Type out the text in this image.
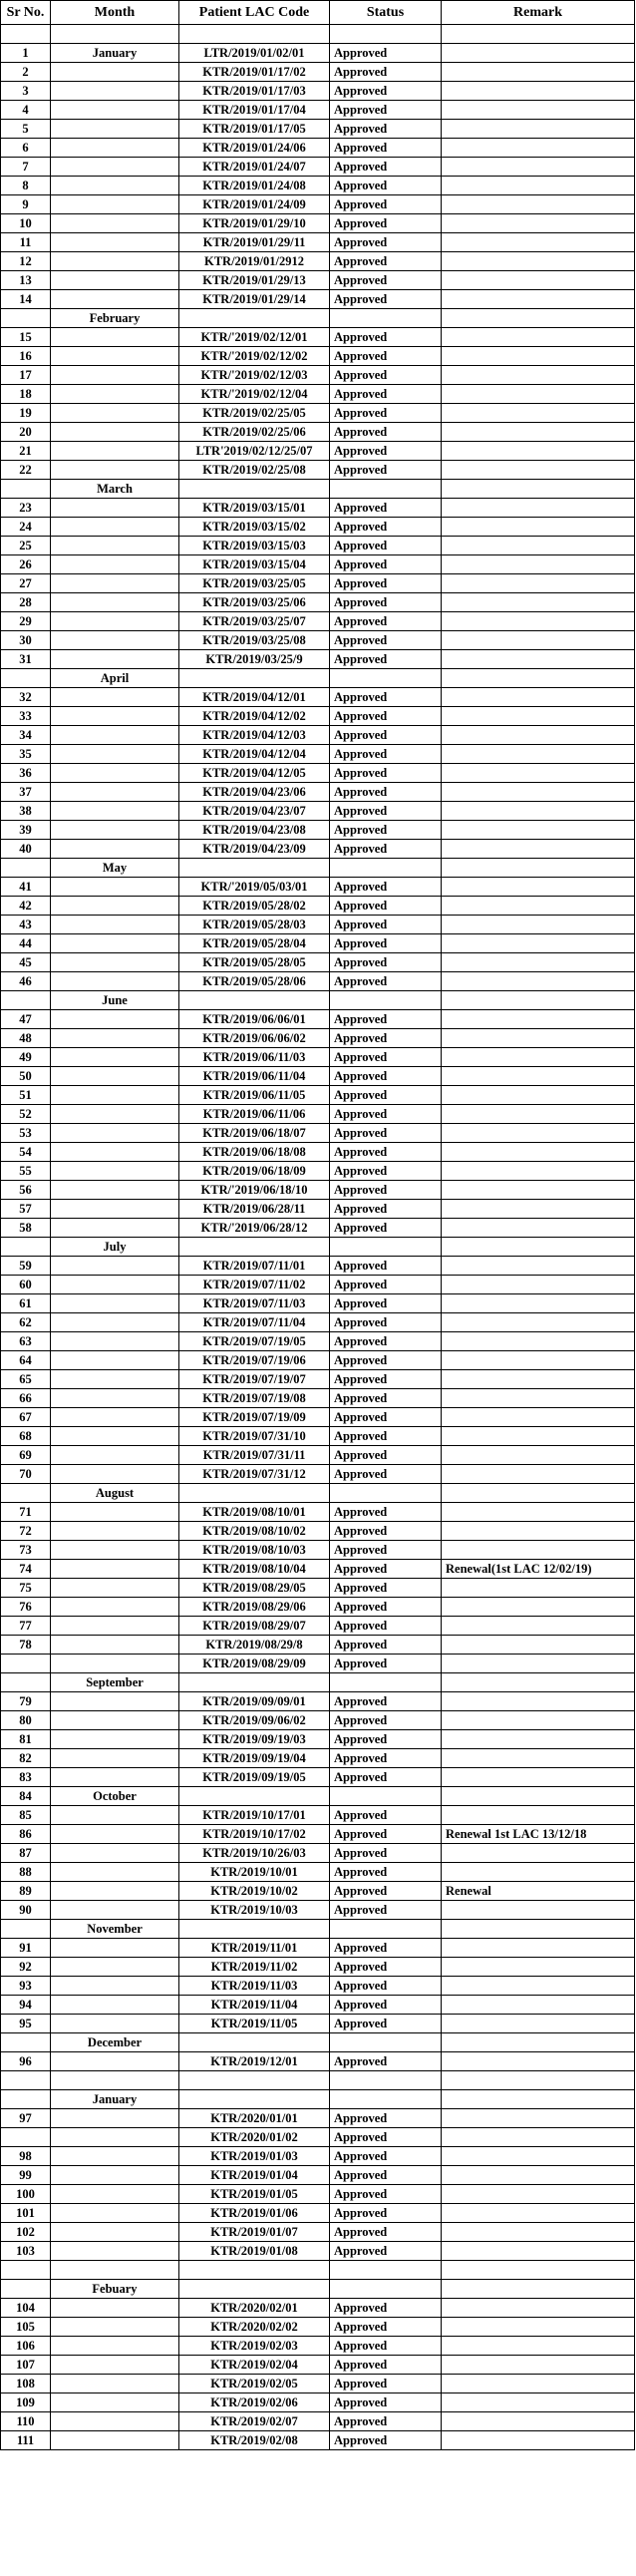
Sr No.	Month	Patient LAC Code	Status	Remark

1	January	LTR/2019/01/02/01	Approved	
2		KTR/2019/01/17/02	Approved	
3		KTR/2019/01/17/03	Approved	
4		KTR/2019/01/17/04	Approved	
5		KTR/2019/01/17/05	Approved	
6		KTR/2019/01/24/06	Approved	
7		KTR/2019/01/24/07	Approved	
8		KTR/2019/01/24/08	Approved	
9		KTR/2019/01/24/09	Approved	
10		KTR/2019/01/29/10	Approved	
11		KTR/2019/01/29/11	Approved	
12		KTR/2019/01/2912	Approved	
13		KTR/2019/01/29/13	Approved	
14		KTR/2019/01/29/14	Approved	
	February			
15		KTR/'2019/02/12/01	Approved	
16		KTR/'2019/02/12/02	Approved	
17		KTR/'2019/02/12/03	Approved	
18		KTR/'2019/02/12/04	Approved	
19		KTR/2019/02/25/05	Approved	
20		KTR/2019/02/25/06	Approved	
21		LTR'2019/02/12/25/07	Approved	
22		KTR/2019/02/25/08	Approved	
	March			
23		KTR/2019/03/15/01	Approved	
24		KTR/2019/03/15/02	Approved	
25		KTR/2019/03/15/03	Approved	
26		KTR/2019/03/15/04	Approved	
27		KTR/2019/03/25/05	Approved	
28		KTR/2019/03/25/06	Approved	
29		KTR/2019/03/25/07	Approved	
30		KTR/2019/03/25/08	Approved	
31		KTR/2019/03/25/9	Approved	
	April			
32		KTR/2019/04/12/01	Approved	
33		KTR/2019/04/12/02	Approved	
34		KTR/2019/04/12/03	Approved	
35		KTR/2019/04/12/04	Approved	
36		KTR/2019/04/12/05	Approved	
37		KTR/2019/04/23/06	Approved	
38		KTR/2019/04/23/07	Approved	
39		KTR/2019/04/23/08	Approved	
40		KTR/2019/04/23/09	Approved	
	May			
41		KTR/'2019/05/03/01	Approved	
42		KTR/2019/05/28/02	Approved	
43		KTR/2019/05/28/03	Approved	
44		KTR/2019/05/28/04	Approved	
45		KTR/2019/05/28/05	Approved	
46		KTR/2019/05/28/06	Approved	
	June			
47		KTR/2019/06/06/01	Approved	
48		KTR/2019/06/06/02	Approved	
49		KTR/2019/06/11/03	Approved	
50		KTR/2019/06/11/04	Approved	
51		KTR/2019/06/11/05	Approved	
52		KTR/2019/06/11/06	Approved	
53		KTR/2019/06/18/07	Approved	
54		KTR/2019/06/18/08	Approved	
55		KTR/2019/06/18/09	Approved	
56		KTR/'2019/06/18/10	Approved	
57		KTR/2019/06/28/11	Approved	
58		KTR/'2019/06/28/12	Approved	
	July			
59		KTR/2019/07/11/01	Approved	
60		KTR/2019/07/11/02	Approved	
61		KTR/2019/07/11/03	Approved	
62		KTR/2019/07/11/04	Approved	
63		KTR/2019/07/19/05	Approved	
64		KTR/2019/07/19/06	Approved	
65		KTR/2019/07/19/07	Approved	
66		KTR/2019/07/19/08	Approved	
67		KTR/2019/07/19/09	Approved	
68		KTR/2019/07/31/10	Approved	
69		KTR/2019/07/31/11	Approved	
70		KTR/2019/07/31/12	Approved	
	August			
71		KTR/2019/08/10/01	Approved	
72		KTR/2019/08/10/02	Approved	
73		KTR/2019/08/10/03	Approved	
74		KTR/2019/08/10/04	Approved	Renewal(1st LAC 12/02/19)
75		KTR/2019/08/29/05	Approved	
76		KTR/2019/08/29/06	Approved	
77		KTR/2019/08/29/07	Approved	
78		KTR/2019/08/29/8	Approved	
		KTR/2019/08/29/09	Approved	
	September			
79		KTR/2019/09/09/01	Approved	
80		KTR/2019/09/06/02	Approved	
81		KTR/2019/09/19/03	Approved	
82		KTR/2019/09/19/04	Approved	
83		KTR/2019/09/19/05	Approved	
84	October			
85		KTR/2019/10/17/01	Approved	
86		KTR/2019/10/17/02	Approved	Renewal 1st LAC 13/12/18
87		KTR/2019/10/26/03	Approved	
88		KTR/2019/10/01	Approved	
89		KTR/2019/10/02	Approved	Renewal
90		KTR/2019/10/03	Approved	
	November			
91		KTR/2019/11/01	Approved	
92		KTR/2019/11/02	Approved	
93		KTR/2019/11/03	Approved	
94		KTR/2019/11/04	Approved	
95		KTR/2019/11/05	Approved	
	December			
96		KTR/2019/12/01	Approved	

	January			
97		KTR/2020/01/01	Approved	
		KTR/2020/01/02	Approved	
98		KTR/2019/01/03	Approved	
99		KTR/2019/01/04	Approved	
100		KTR/2019/01/05	Approved	
101		KTR/2019/01/06	Approved	
102		KTR/2019/01/07	Approved	
103		KTR/2019/01/08	Approved	

	Febuary			
104		KTR/2020/02/01	Approved	
105		KTR/2020/02/02	Approved	
106		KTR/2019/02/03	Approved	
107		KTR/2019/02/04	Approved	
108		KTR/2019/02/05	Approved	
109		KTR/2019/02/06	Approved	
110		KTR/2019/02/07	Approved	
111		KTR/2019/02/08	Approved	
